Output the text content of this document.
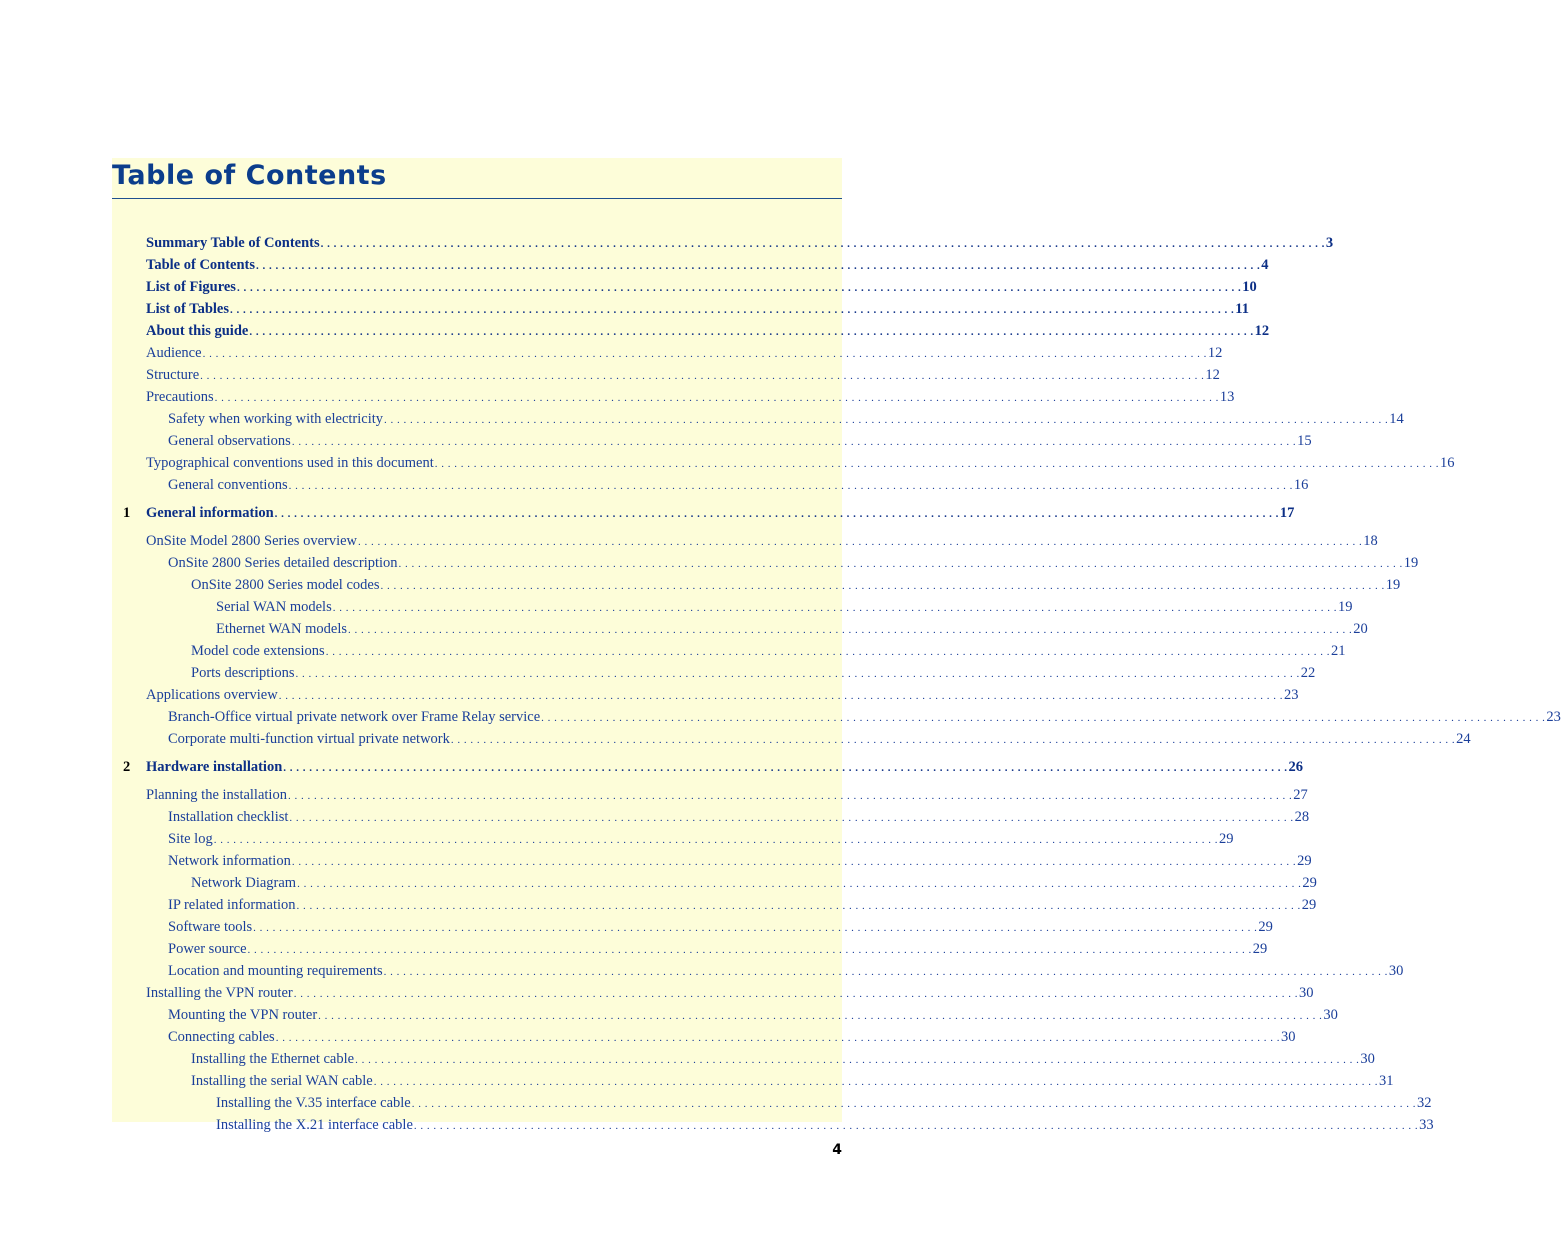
Table of Contents
Summary Table of Contents . . . . . . . . . . . . . . . . . . . . . . . . . . . . . . . . . . . . . . . . . . . . . . . . . . . . . . . . . . . . . . . . . . . . . . . . . . . . . . . . . . . . . . . . . . . . . . . . . . . . . . . . . . . . . . . . . . . . . . . . . . . . . . . . . . . . . . . . . . . . . . . . . . . . . . . . . . . 3
Table of Contents . . . . . . . . . . . . . . . . . . . . . . . . . . . . . . . . . . . . . . . . . . . . . . . . . . . . . . . . . . . . . . . . . . . . . . . . . . . . . . . . . . . . . . . . . . . . . . . . . . . . . . . . . . . . . . . . . . . . . . . . . . . . . . . . . . . . . . . . . . . . . . . . . . . . . . . . . . . 4
List of Figures . . . . . . . . . . . . . . . . . . . . . . . . . . . . . . . . . . . . . . . . . . . . . . . . . . . . . . . . . . . . . . . . . . . . . . . . . . . . . . . . . . . . . . . . . . . . . . . . . . . . . . . . . . . . . . . . . . . . . . . . . . . . . . . . . . . . . . . . . . . . . . . . . . . . . . . . . . . 10
List of Tables . . . . . . . . . . . . . . . . . . . . . . . . . . . . . . . . . . . . . . . . . . . . . . . . . . . . . . . . . . . . . . . . . . . . . . . . . . . . . . . . . . . . . . . . . . . . . . . . . . . . . . . . . . . . . . . . . . . . . . . . . . . . . . . . . . . . . . . . . . . . . . . . . . . . . . . . . . . 11
About this guide . . . . . . . . . . . . . . . . . . . . . . . . . . . . . . . . . . . . . . . . . . . . . . . . . . . . . . . . . . . . . . . . . . . . . . . . . . . . . . . . . . . . . . . . . . . . . . . . . . . . . . . . . . . . . . . . . . . . . . . . . . . . . . . . . . . . . . . . . . . . . . . . . . . . . . . . . . . 12
Audience . . . . . . . . . . . . . . . . . . . . . . . . . . . . . . . . . . . . . . . . . . . . . . . . . . . . . . . . . . . . . . . . . . . . . . . . . . . . . . . . . . . . . . . . . . . . . . . . . . . . . . . . . . . . . . . . . . . . . . . . . . . . . . . . . . . . . . . . . . . . . . . . . . . . . . . . . . . 12
Structure . . . . . . . . . . . . . . . . . . . . . . . . . . . . . . . . . . . . . . . . . . . . . . . . . . . . . . . . . . . . . . . . . . . . . . . . . . . . . . . . . . . . . . . . . . . . . . . . . . . . . . . . . . . . . . . . . . . . . . . . . . . . . . . . . . . . . . . . . . . . . . . . . . . . . . . . . . . 12
Precautions . . . . . . . . . . . . . . . . . . . . . . . . . . . . . . . . . . . . . . . . . . . . . . . . . . . . . . . . . . . . . . . . . . . . . . . . . . . . . . . . . . . . . . . . . . . . . . . . . . . . . . . . . . . . . . . . . . . . . . . . . . . . . . . . . . . . . . . . . . . . . . . . . . . . . . . . . . . 13
Safety when working with electricity . . . . . . . . . . . . . . . . . . . . . . . . . . . . . . . . . . . . . . . . . . . . . . . . . . . . . . . . . . . . . . . . . . . . . . . . . . . . . . . . . . . . . . . . . . . . . . . . . . . . . . . . . . . . . . . . . . . . . . . . . . . . . . . . . . . . . . . . . . . . . . . . . . . . . . . . . . . 14
General observations . . . . . . . . . . . . . . . . . . . . . . . . . . . . . . . . . . . . . . . . . . . . . . . . . . . . . . . . . . . . . . . . . . . . . . . . . . . . . . . . . . . . . . . . . . . . . . . . . . . . . . . . . . . . . . . . . . . . . . . . . . . . . . . . . . . . . . . . . . . . . . . . . . . . . . . . . . . 15
Typographical conventions used in this document . . . . . . . . . . . . . . . . . . . . . . . . . . . . . . . . . . . . . . . . . . . . . . . . . . . . . . . . . . . . . . . . . . . . . . . . . . . . . . . . . . . . . . . . . . . . . . . . . . . . . . . . . . . . . . . . . . . . . . . . . . . . . . . . . . . . . . . . . . . . . . . . . . . . . . . . . . . 16
General conventions . . . . . . . . . . . . . . . . . . . . . . . . . . . . . . . . . . . . . . . . . . . . . . . . . . . . . . . . . . . . . . . . . . . . . . . . . . . . . . . . . . . . . . . . . . . . . . . . . . . . . . . . . . . . . . . . . . . . . . . . . . . . . . . . . . . . . . . . . . . . . . . . . . . . . . . . . . . 16
1 General information . . . . . . . . . . . . . . . . . . . . . . . . . . . . . . . . . . . . . . . . . . . . . . . . . . . . . . . . . . . . . . . . . . . . . . . . . . . . . . . . . . . . . . . . . . . . . . . . . . . . . . . . . . . . . . . . . . . . . . . . . . . . . . . . . . . . . . . . . . . . . . . . . . . . . . . . . . . 17
OnSite Model 2800 Series overview . . . . . . . . . . . . . . . . . . . . . . . . . . . . . . . . . . . . . . . . . . . . . . . . . . . . . . . . . . . . . . . . . . . . . . . . . . . . . . . . . . . . . . . . . . . . . . . . . . . . . . . . . . . . . . . . . . . . . . . . . . . . . . . . . . . . . . . . . . . . . . . . . . . . . . . . . . . 18
OnSite 2800 Series detailed description . . . . . . . . . . . . . . . . . . . . . . . . . . . . . . . . . . . . . . . . . . . . . . . . . . . . . . . . . . . . . . . . . . . . . . . . . . . . . . . . . . . . . . . . . . . . . . . . . . . . . . . . . . . . . . . . . . . . . . . . . . . . . . . . . . . . . . . . . . . . . . . . . . . . . . . . . . . 19
OnSite 2800 Series model codes . . . . . . . . . . . . . . . . . . . . . . . . . . . . . . . . . . . . . . . . . . . . . . . . . . . . . . . . . . . . . . . . . . . . . . . . . . . . . . . . . . . . . . . . . . . . . . . . . . . . . . . . . . . . . . . . . . . . . . . . . . . . . . . . . . . . . . . . . . . . . . . . . . . . . . . . . . . 19
Serial WAN models . . . . . . . . . . . . . . . . . . . . . . . . . . . . . . . . . . . . . . . . . . . . . . . . . . . . . . . . . . . . . . . . . . . . . . . . . . . . . . . . . . . . . . . . . . . . . . . . . . . . . . . . . . . . . . . . . . . . . . . . . . . . . . . . . . . . . . . . . . . . . . . . . . . . . . . . . . . 19
Ethernet WAN models . . . . . . . . . . . . . . . . . . . . . . . . . . . . . . . . . . . . . . . . . . . . . . . . . . . . . . . . . . . . . . . . . . . . . . . . . . . . . . . . . . . . . . . . . . . . . . . . . . . . . . . . . . . . . . . . . . . . . . . . . . . . . . . . . . . . . . . . . . . . . . . . . . . . . . . . . . . 20
Model code extensions . . . . . . . . . . . . . . . . . . . . . . . . . . . . . . . . . . . . . . . . . . . . . . . . . . . . . . . . . . . . . . . . . . . . . . . . . . . . . . . . . . . . . . . . . . . . . . . . . . . . . . . . . . . . . . . . . . . . . . . . . . . . . . . . . . . . . . . . . . . . . . . . . . . . . . . . . . . 21
Ports descriptions . . . . . . . . . . . . . . . . . . . . . . . . . . . . . . . . . . . . . . . . . . . . . . . . . . . . . . . . . . . . . . . . . . . . . . . . . . . . . . . . . . . . . . . . . . . . . . . . . . . . . . . . . . . . . . . . . . . . . . . . . . . . . . . . . . . . . . . . . . . . . . . . . . . . . . . . . . . 22
Applications overview . . . . . . . . . . . . . . . . . . . . . . . . . . . . . . . . . . . . . . . . . . . . . . . . . . . . . . . . . . . . . . . . . . . . . . . . . . . . . . . . . . . . . . . . . . . . . . . . . . . . . . . . . . . . . . . . . . . . . . . . . . . . . . . . . . . . . . . . . . . . . . . . . . . . . . . . . . . 23
Branch-Office virtual private network over Frame Relay service . . . . . . . . . . . . . . . . . . . . . . . . . . . . . . . . . . . . . . . . . . . . . . . . . . . . . . . . . . . . . . . . . . . . . . . . . . . . . . . . . . . . . . . . . . . . . . . . . . . . . . . . . . . . . . . . . . . . . . . . . . . . . . . . . . . . . . . . . . . . . . . . . . . . . . . . . . . 23
Corporate multi-function virtual private network . . . . . . . . . . . . . . . . . . . . . . . . . . . . . . . . . . . . . . . . . . . . . . . . . . . . . . . . . . . . . . . . . . . . . . . . . . . . . . . . . . . . . . . . . . . . . . . . . . . . . . . . . . . . . . . . . . . . . . . . . . . . . . . . . . . . . . . . . . . . . . . . . . . . . . . . . . . 24
2 Hardware installation . . . . . . . . . . . . . . . . . . . . . . . . . . . . . . . . . . . . . . . . . . . . . . . . . . . . . . . . . . . . . . . . . . . . . . . . . . . . . . . . . . . . . . . . . . . . . . . . . . . . . . . . . . . . . . . . . . . . . . . . . . . . . . . . . . . . . . . . . . . . . . . . . . . . . . . . . . . 26
Planning the installation . . . . . . . . . . . . . . . . . . . . . . . . . . . . . . . . . . . . . . . . . . . . . . . . . . . . . . . . . . . . . . . . . . . . . . . . . . . . . . . . . . . . . . . . . . . . . . . . . . . . . . . . . . . . . . . . . . . . . . . . . . . . . . . . . . . . . . . . . . . . . . . . . . . . . . . . . . . 27
Installation checklist . . . . . . . . . . . . . . . . . . . . . . . . . . . . . . . . . . . . . . . . . . . . . . . . . . . . . . . . . . . . . . . . . . . . . . . . . . . . . . . . . . . . . . . . . . . . . . . . . . . . . . . . . . . . . . . . . . . . . . . . . . . . . . . . . . . . . . . . . . . . . . . . . . . . . . . . . . . 28
Site log . . . . . . . . . . . . . . . . . . . . . . . . . . . . . . . . . . . . . . . . . . . . . . . . . . . . . . . . . . . . . . . . . . . . . . . . . . . . . . . . . . . . . . . . . . . . . . . . . . . . . . . . . . . . . . . . . . . . . . . . . . . . . . . . . . . . . . . . . . . . . . . . . . . . . . . . . . . 29
Network information . . . . . . . . . . . . . . . . . . . . . . . . . . . . . . . . . . . . . . . . . . . . . . . . . . . . . . . . . . . . . . . . . . . . . . . . . . . . . . . . . . . . . . . . . . . . . . . . . . . . . . . . . . . . . . . . . . . . . . . . . . . . . . . . . . . . . . . . . . . . . . . . . . . . . . . . . . . 29
Network Diagram . . . . . . . . . . . . . . . . . . . . . . . . . . . . . . . . . . . . . . . . . . . . . . . . . . . . . . . . . . . . . . . . . . . . . . . . . . . . . . . . . . . . . . . . . . . . . . . . . . . . . . . . . . . . . . . . . . . . . . . . . . . . . . . . . . . . . . . . . . . . . . . . . . . . . . . . . . . 29
IP related information . . . . . . . . . . . . . . . . . . . . . . . . . . . . . . . . . . . . . . . . . . . . . . . . . . . . . . . . . . . . . . . . . . . . . . . . . . . . . . . . . . . . . . . . . . . . . . . . . . . . . . . . . . . . . . . . . . . . . . . . . . . . . . . . . . . . . . . . . . . . . . . . . . . . . . . . . . . 29
Software tools . . . . . . . . . . . . . . . . . . . . . . . . . . . . . . . . . . . . . . . . . . . . . . . . . . . . . . . . . . . . . . . . . . . . . . . . . . . . . . . . . . . . . . . . . . . . . . . . . . . . . . . . . . . . . . . . . . . . . . . . . . . . . . . . . . . . . . . . . . . . . . . . . . . . . . . . . . . 29
Power source . . . . . . . . . . . . . . . . . . . . . . . . . . . . . . . . . . . . . . . . . . . . . . . . . . . . . . . . . . . . . . . . . . . . . . . . . . . . . . . . . . . . . . . . . . . . . . . . . . . . . . . . . . . . . . . . . . . . . . . . . . . . . . . . . . . . . . . . . . . . . . . . . . . . . . . . . . . 29
Location and mounting requirements . . . . . . . . . . . . . . . . . . . . . . . . . . . . . . . . . . . . . . . . . . . . . . . . . . . . . . . . . . . . . . . . . . . . . . . . . . . . . . . . . . . . . . . . . . . . . . . . . . . . . . . . . . . . . . . . . . . . . . . . . . . . . . . . . . . . . . . . . . . . . . . . . . . . . . . . . . . 30
Installing the VPN router . . . . . . . . . . . . . . . . . . . . . . . . . . . . . . . . . . . . . . . . . . . . . . . . . . . . . . . . . . . . . . . . . . . . . . . . . . . . . . . . . . . . . . . . . . . . . . . . . . . . . . . . . . . . . . . . . . . . . . . . . . . . . . . . . . . . . . . . . . . . . . . . . . . . . . . . . . . 30
Mounting the VPN router . . . . . . . . . . . . . . . . . . . . . . . . . . . . . . . . . . . . . . . . . . . . . . . . . . . . . . . . . . . . . . . . . . . . . . . . . . . . . . . . . . . . . . . . . . . . . . . . . . . . . . . . . . . . . . . . . . . . . . . . . . . . . . . . . . . . . . . . . . . . . . . . . . . . . . . . . . . 30
Connecting cables . . . . . . . . . . . . . . . . . . . . . . . . . . . . . . . . . . . . . . . . . . . . . . . . . . . . . . . . . . . . . . . . . . . . . . . . . . . . . . . . . . . . . . . . . . . . . . . . . . . . . . . . . . . . . . . . . . . . . . . . . . . . . . . . . . . . . . . . . . . . . . . . . . . . . . . . . . . 30
Installing the Ethernet cable . . . . . . . . . . . . . . . . . . . . . . . . . . . . . . . . . . . . . . . . . . . . . . . . . . . . . . . . . . . . . . . . . . . . . . . . . . . . . . . . . . . . . . . . . . . . . . . . . . . . . . . . . . . . . . . . . . . . . . . . . . . . . . . . . . . . . . . . . . . . . . . . . . . . . . . . . . . 30
Installing the serial WAN cable . . . . . . . . . . . . . . . . . . . . . . . . . . . . . . . . . . . . . . . . . . . . . . . . . . . . . . . . . . . . . . . . . . . . . . . . . . . . . . . . . . . . . . . . . . . . . . . . . . . . . . . . . . . . . . . . . . . . . . . . . . . . . . . . . . . . . . . . . . . . . . . . . . . . . . . . . . . 31
Installing the V.35 interface cable . . . . . . . . . . . . . . . . . . . . . . . . . . . . . . . . . . . . . . . . . . . . . . . . . . . . . . . . . . . . . . . . . . . . . . . . . . . . . . . . . . . . . . . . . . . . . . . . . . . . . . . . . . . . . . . . . . . . . . . . . . . . . . . . . . . . . . . . . . . . . . . . . . . . . . . . . . . 32
Installing the X.21 interface cable . . . . . . . . . . . . . . . . . . . . . . . . . . . . . . . . . . . . . . . . . . . . . . . . . . . . . . . . . . . . . . . . . . . . . . . . . . . . . . . . . . . . . . . . . . . . . . . . . . . . . . . . . . . . . . . . . . . . . . . . . . . . . . . . . . . . . . . . . . . . . . . . . . . . . . . . . . . 33
4
